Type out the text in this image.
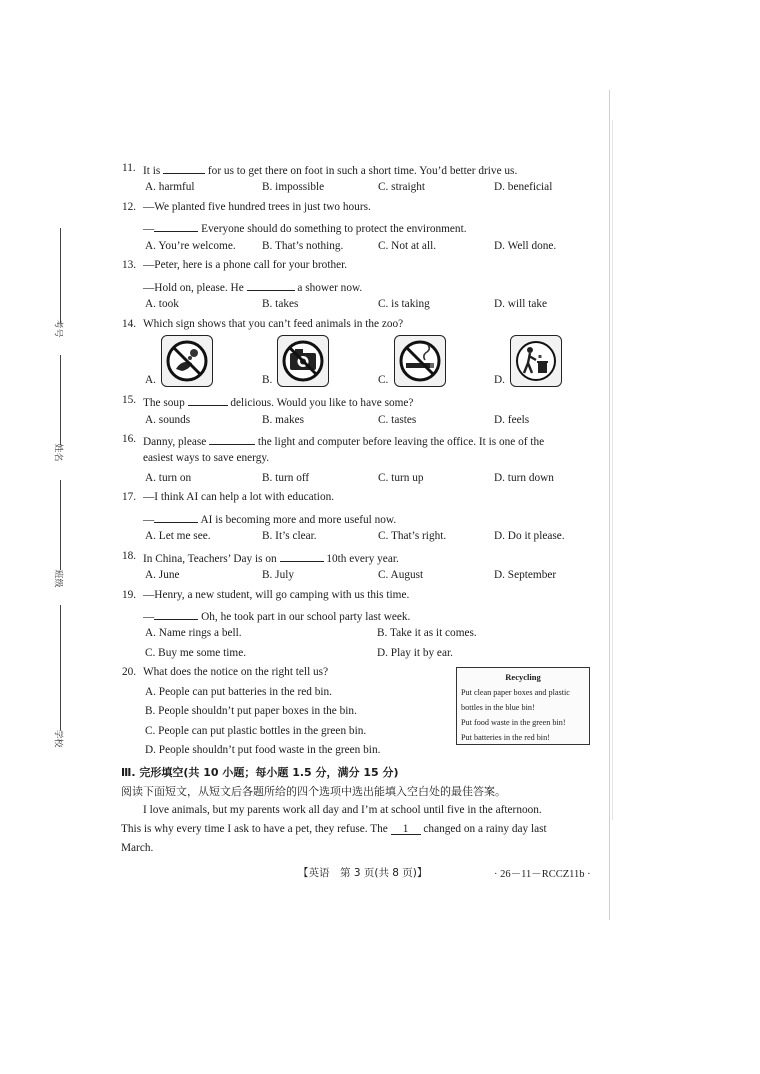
考号
姓名
班级
学校
11. It is	for us to get there on foot in such a short time. You’d better drive us.
A. harmful	B. impossible	C. straight	D. beneficial
12. —We planted five hundred trees in just two hours.
—	Everyone should do something to protect the environment.
A. You’re welcome. B. That’s nothing.	C. Not at all.	D. Well done.
13. —Peter, here is a phone call for your brother.
—Hold on, please. He	a shower now.
A. took	B. takes	C. is taking	D. will take
14. Which sign shows that you can’t feed animals in the zoo?
A.	B.	C.	D.
15. The soup	delicious. Would you like to have some?
A. sounds	B. makes	C. tastes	D. feels
16. Danny, please	the light and computer before leaving the office. It is one of the
easiest ways to save energy.
A. turn on	B. turn off	C. turn up	D. turn down
17. —I think AI can help a lot with education.
—	AI is becoming more and more useful now.
A. Let me see.	B. It’s clear.	C. That’s right.	D. Do it please.
18. In China, Teachers’ Day is on	10th every year.
A. June	B. July	C. August	D. September
19. —Henry, a new student, will go camping with us this time.
—	Oh, he took part in our school party last week.
A. Name rings a bell.	B. Take it as it comes.
C. Buy me some time.	D. Play it by ear.
20. What does the notice on the right tell us?
A. People can put batteries in the red bin.
B. People shouldn’t put paper boxes in the bin.
C. People can put plastic bottles in the green bin.
D. People shouldn’t put food waste in the green bin.
Recycling
Put clean paper boxes and plastic
bottles in the blue bin!
Put food waste in the green bin!
Put batteries in the red bin!
Ⅲ. 完形填空(共 10 小题；每小题 1.5 分，满分 15 分)
阅读下面短文，从短文后各题所给的四个选项中选出能填入空白处的最佳答案。
I love animals, but my parents work all day and I’m at school until five in the afternoon.
This is why every time I ask to have a pet, they refuse. The 1 changed on a rainy day last
March.
【英语　第 3 页(共 8 页)】	· 26－11－RCCZ11b ·
